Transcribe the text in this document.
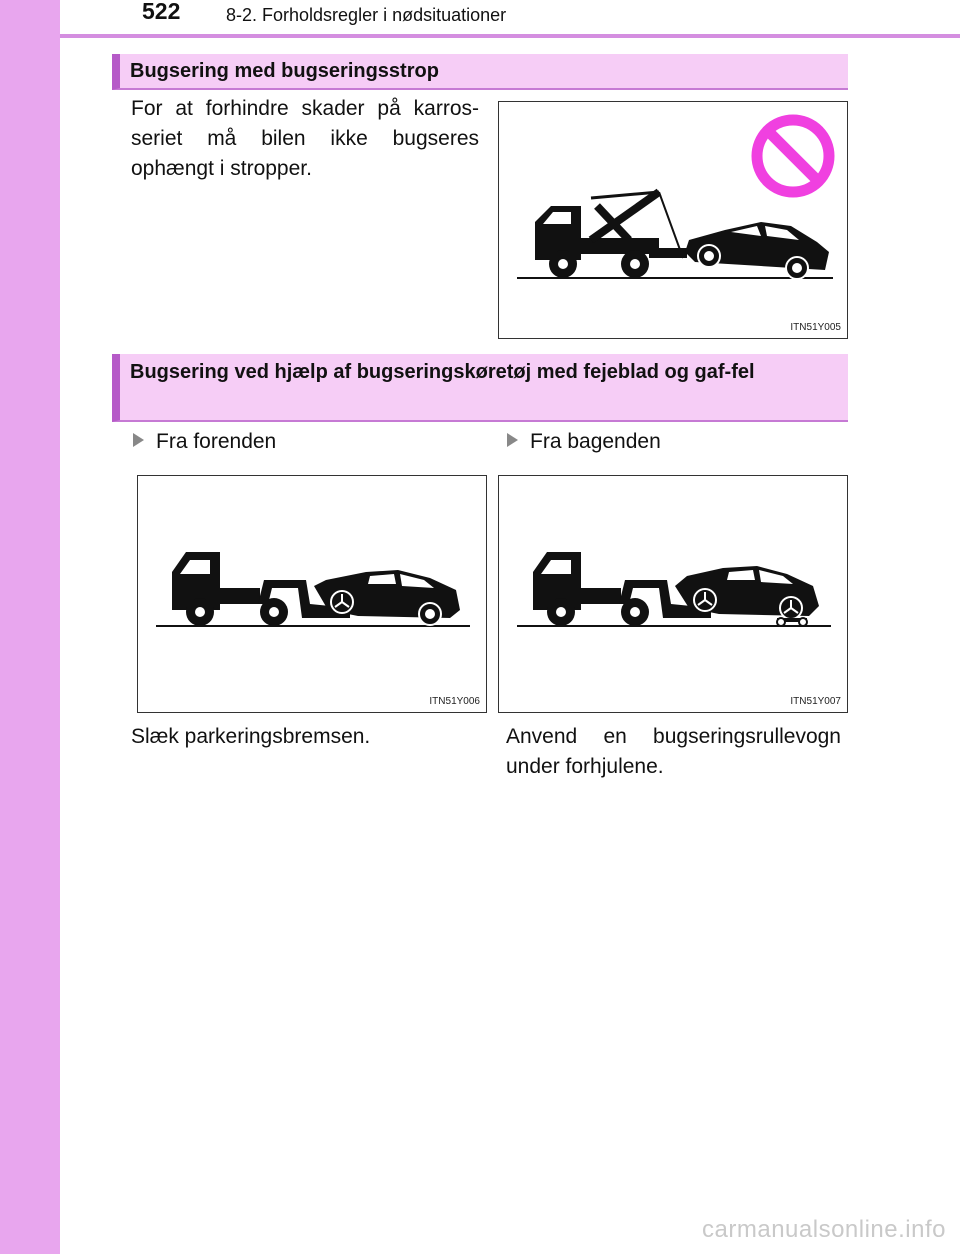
522	8-2. Forholdsregler i nødsituationer
Bugsering med bugseringsstrop
For at forhindre skader på karros-seriet må bilen ikke bugseres ophængt i stropper.
ITN51Y005
Bugsering ved hjælp af bugseringskøretøj med fejeblad og gaf-fel
Fra forenden	Fra bagenden
ITN51Y006	ITN51Y007
Slæk parkeringsbremsen.	Anvend en bugseringsrullevogn under forhjulene.
carmanualsonline.info
